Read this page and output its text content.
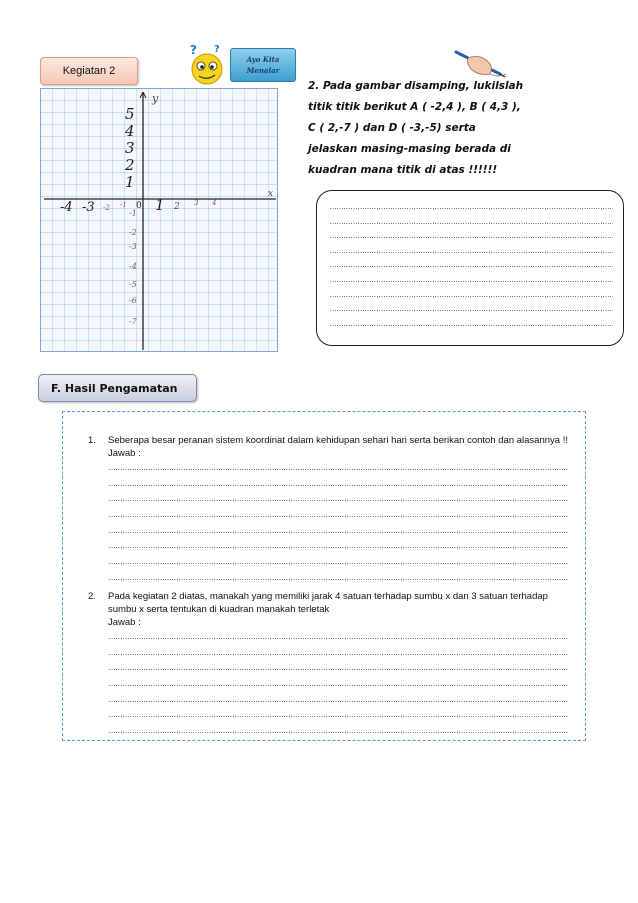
Kegiatan 2
? ?
Ayo Kita Menalar
y
x
0
5
4
3
2
1
-1
-2
-3
-4
-5
-6
-7
1 2 3 4
-4 -3 -2 -1
2. Pada gambar disamping, lukilslah
titik titik berikut A ( -2,4 ), B ( 4,3 ),
C ( 2,-7 ) dan D ( -3,-5) serta
jelaskan masing-masing berada di
kuadran mana titik di atas !!!!!!
……………………………………………………………………………………………………………………
……………………………………………………………………………………………………………………
……………………………………………………………………………………………………………………
……………………………………………………………………………………………………………………
……………………………………………………………………………………………………………………
……………………………………………………………………………………………………………………
……………………………………………………………………………………………………………………
……………………………………………………………………………………………………………………
……………………………………………………………………………………………………………………
F. Hasil Pengamatan
1. Seberapa besar peranan sistem koordinat dalam kehidupan sehari hari serta berikan contoh dan alasannya !!
Jawab :
…………………………………………………………………………………………………………………………………………………………………………………………………………
…………………………………………………………………………………………………………………………………………………………………………………………………………
…………………………………………………………………………………………………………………………………………………………………………………………………………
…………………………………………………………………………………………………………………………………………………………………………………………………………
…………………………………………………………………………………………………………………………………………………………………………………………………………
…………………………………………………………………………………………………………………………………………………………………………………………………………
…………………………………………………………………………………………………………………………………………………………………………………………………………
…………………………………………………………………………………………………………………………………………………………………………………………………………
2. Pada kegiatan 2 diatas, manakah yang memiliki jarak 4 satuan terhadap sumbu x dan 3 satuan terhadap sumbu x serta tentukan di kuadran manakah terletak
Jawab :
…………………………………………………………………………………………………………………………………………………………………………………………………………
…………………………………………………………………………………………………………………………………………………………………………………………………………
…………………………………………………………………………………………………………………………………………………………………………………………………………
…………………………………………………………………………………………………………………………………………………………………………………………………………
…………………………………………………………………………………………………………………………………………………………………………………………………………
…………………………………………………………………………………………………………………………………………………………………………………………………………
…………………………………………………………………………………………………………………………………………………………………………………………………………
